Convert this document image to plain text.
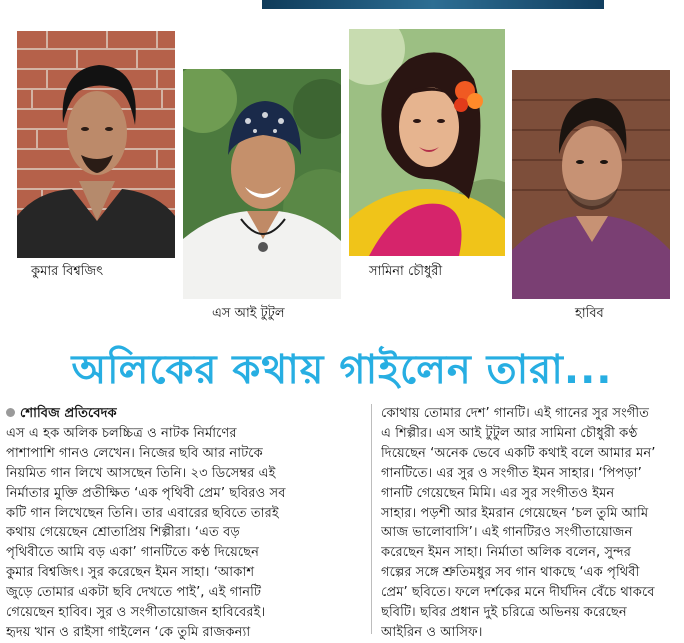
কুমার বিশ্বজিৎ
এস আই টুটুল
সামিনা চৌধুরী
হাবিব
অলিকের কথায় গাইলেন তারা...

শোবিজ প্রতিবেদক

এস এ হক অলিক চলচ্চিত্র ও নাটক নির্মাণের

পাশাপাশি গানও লেখেন। নিজের ছবি আর নাটকে

নিয়মিত গান লিখে আসছেন তিনি। ২৩ ডিসেম্বর এই

নির্মাতার মুক্তি প্রতীক্ষিত ‘এক পৃথিবী প্রেম’ ছবিরও সব

কটি গান লিখেছেন তিনি। তার এবারের ছবিতে তারই

কথায় গেয়েছেন শ্রোতাপ্রিয় শিল্পীরা। ‘এত বড়

পৃথিবীতে আমি বড় একা’ গানটিতে কণ্ঠ দিয়েছেন

কুমার বিশ্বজিৎ। সুর করেছেন ইমন সাহা। ‘আকাশ

জুড়ে তোমার একটা ছবি দেখতে পাই’, এই গানটি

গেয়েছেন হাবিব। সুর ও সংগীতায়োজন হাবিবেরই।

হৃদয় খান ও রাইসা গাইলেন ‘কে তুমি রাজকন্যা

কোথায় তোমার দেশ’ গানটি। এই গানের সুর সংগীত

এ শিল্পীর। এস আই টুটুল আর সামিনা চৌধুরী কণ্ঠ

দিয়েছেন ‘অনেক ভেবে একটি কথাই বলে আমার মন’

গানটিতে। এর সুর ও সংগীত ইমন সাহার। ‘পিপড়া’

গানটি গেয়েছেন মিমি। এর সুর সংগীতও ইমন

সাহার। পড়শী আর ইমরান গেয়েছেন ‘চল তুমি আমি

আজ ভালোবাসি’। এই গানটিরও সংগীতায়োজন

করেছেন ইমন সাহা। নির্মাতা অলিক বলেন, সুন্দর

গল্পের সঙ্গে শ্রুতিমধুর সব গান থাকছে ‘এক পৃথিবী

প্রেম’ ছবিতে। ফলে দর্শকের মনে দীর্ঘদিন বেঁচে থাকবে

ছবিটি। ছবির প্রধান দুই চরিত্রে অভিনয় করেছেন

আইরিন ও আসিফ।
